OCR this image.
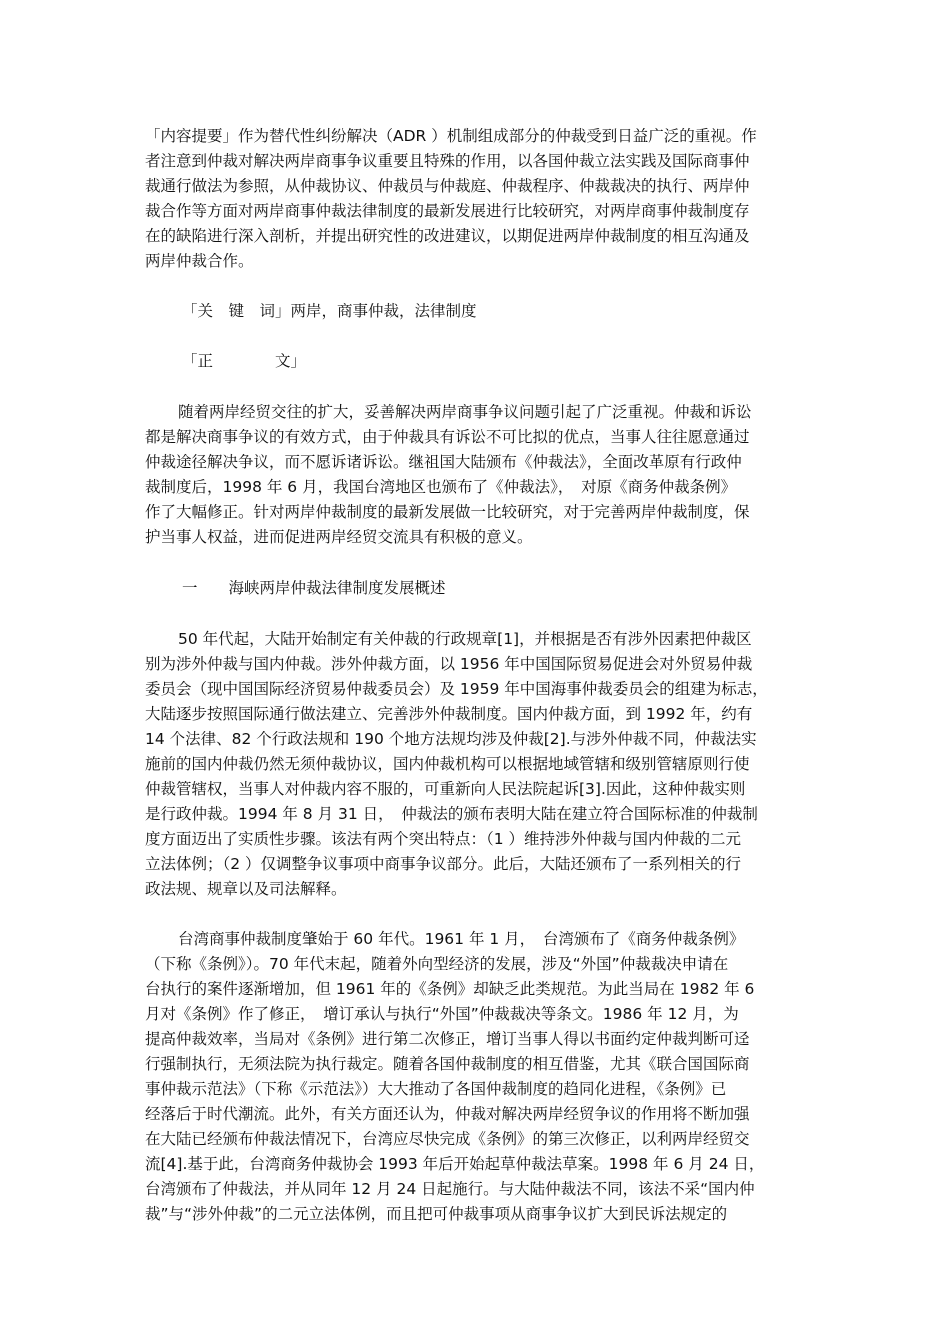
「内容提要」作为替代性纠纷解决（ADR ）机制组成部分的仲裁受到日益广泛的重视。作
者注意到仲裁对解决两岸商事争议重要且特殊的作用，以各国仲裁立法实践及国际商事仲
裁通行做法为参照，从仲裁协议、仲裁员与仲裁庭、仲裁程序、仲裁裁决的执行、两岸仲
裁合作等方面对两岸商事仲裁法律制度的最新发展进行比较研究，对两岸商事仲裁制度存
在的缺陷进行深入剖析，并提出研究性的改进建议，以期促进两岸仲裁制度的相互沟通及
两岸仲裁合作。
「关　键　词」两岸，商事仲裁，法律制度
「正　　　　文」
随着两岸经贸交往的扩大，妥善解决两岸商事争议问题引起了广泛重视。仲裁和诉讼
都是解决商事争议的有效方式，由于仲裁具有诉讼不可比拟的优点，当事人往往愿意通过
仲裁途径解决争议，而不愿诉诸诉讼。继祖国大陆颁布《仲裁法》，全面改革原有行政仲
裁制度后，1998 年 6 月，我国台湾地区也颁布了《仲裁法》，　对原《商务仲裁条例》
作了大幅修正。针对两岸仲裁制度的最新发展做一比较研究，对于完善两岸仲裁制度，保
护当事人权益，进而促进两岸经贸交流具有积极的意义。
一　　海峡两岸仲裁法律制度发展概述
50 年代起，大陆开始制定有关仲裁的行政规章[1]，并根据是否有涉外因素把仲裁区
别为涉外仲裁与国内仲裁。涉外仲裁方面，以 1956 年中国国际贸易促进会对外贸易仲裁
委员会（现中国国际经济贸易仲裁委员会）及 1959 年中国海事仲裁委员会的组建为标志，
大陆逐步按照国际通行做法建立、完善涉外仲裁制度。国内仲裁方面，到 1992 年，约有
14 个法律、82 个行政法规和 190 个地方法规均涉及仲裁[2].与涉外仲裁不同，仲裁法实
施前的国内仲裁仍然无须仲裁协议，国内仲裁机构可以根据地域管辖和级别管辖原则行使
仲裁管辖权，当事人对仲裁内容不服的，可重新向人民法院起诉[3].因此，这种仲裁实则
是行政仲裁。1994 年 8 月 31 日，　仲裁法的颁布表明大陆在建立符合国际标准的仲裁制
度方面迈出了实质性步骤。该法有两个突出特点：（1 ）维持涉外仲裁与国内仲裁的二元
立法体例；（2 ）仅调整争议事项中商事争议部分。此后，大陆还颁布了一系列相关的行
政法规、规章以及司法解释。
台湾商事仲裁制度肇始于 60 年代。1961 年 1 月，　台湾颁布了《商务仲裁条例》
（下称《条例》）。70 年代末起，随着外向型经济的发展，涉及“外国”仲裁裁决申请在
台执行的案件逐渐增加，但 1961 年的《条例》却缺乏此类规范。为此当局在 1982 年 6
月对《条例》作了修正，　增订承认与执行“外国”仲裁裁决等条文。1986 年 12 月，为
提高仲裁效率，当局对《条例》进行第二次修正，增订当事人得以书面约定仲裁判断可迳
行强制执行，无须法院为执行裁定。随着各国仲裁制度的相互借鉴，尤其《联合国国际商
事仲裁示范法》（下称《示范法》）大大推动了各国仲裁制度的趋同化进程，《条例》已
经落后于时代潮流。此外，有关方面还认为，仲裁对解决两岸经贸争议的作用将不断加强
在大陆已经颁布仲裁法情况下，台湾应尽快完成《条例》的第三次修正，以利两岸经贸交
流[4].基于此，台湾商务仲裁协会 1993 年后开始起草仲裁法草案。1998 年 6 月 24 日，
台湾颁布了仲裁法，并从同年 12 月 24 日起施行。与大陆仲裁法不同，该法不采“国内仲
裁”与“涉外仲裁”的二元立法体例，而且把可仲裁事项从商事争议扩大到民诉法规定的
